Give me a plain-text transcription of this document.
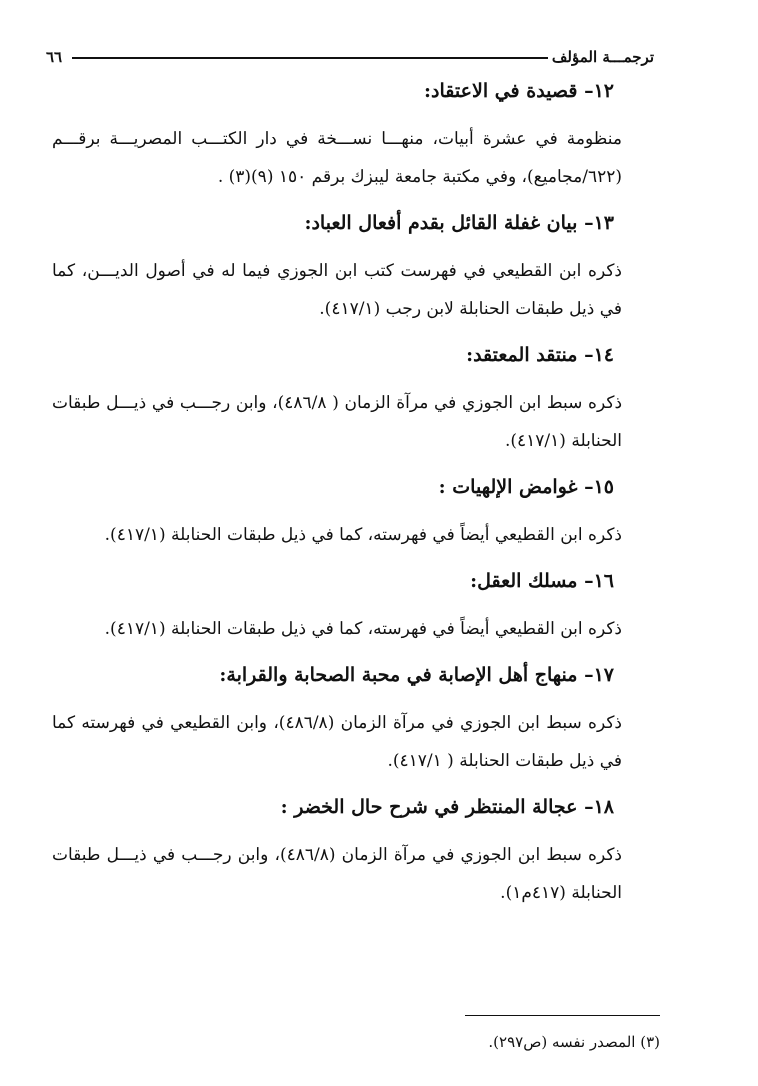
ترجمـــة المؤلف
٦٦
١٢– قصيدة في الاعتقاد:

منظومة في عشرة أبيات، منهـــا نســـخة في دار الكتـــب المصريـــة برقـــم (٦٢٢/مجاميع)، وفي مكتبة جامعة ليبزك برقم ١٥٠ (٩)(٣) .

١٣– بيان غفلة القائل بقدم أفعال العباد:

ذكره ابن القطيعي في فهرست كتب ابن الجوزي فيما له في أصول الديـــن، كما في ذيل طبقات الحنابلة لابن رجب (٤١٧/١).

١٤– منتقد المعتقد:

ذكره سبط ابن الجوزي في مرآة الزمان ( ٤٨٦/٨)، وابن رجـــب في ذيـــل طبقات الحنابلة (٤١٧/١).

١٥– غوامض الإلهيات :

ذكره ابن القطيعي أيضاً في فهرسته، كما في ذيل طبقات الحنابلة (٤١٧/١).

١٦– مسلك العقل:

ذكره ابن القطيعي أيضاً في فهرسته، كما في ذيل طبقات الحنابلة (٤١٧/١).

١٧– منهاج أهل الإصابة في محبة الصحابة والقرابة:

ذكره سبط ابن الجوزي في مرآة الزمان (٤٨٦/٨)، وابن القطيعي في فهرسته كما في ذيل طبقات الحنابلة ( ٤١٧/١).

١٨– عجالة المنتظر في شرح حال الخضر :

ذكره سبط ابن الجوزي في مرآة الزمان (٤٨٦/٨)، وابن رجـــب في ذيـــل طبقات الحنابلة (٤١٧م١).

(٣) المصدر نفسه (ص٢٩٧).
